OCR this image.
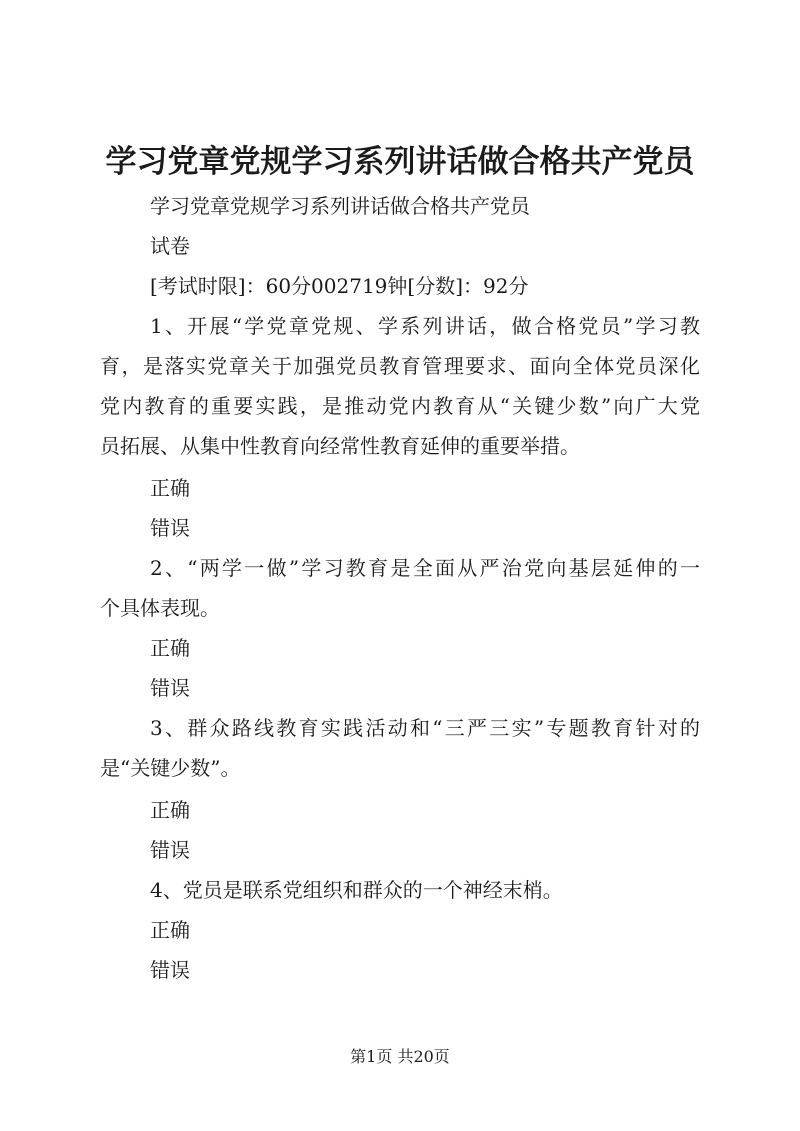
学习党章党规学习系列讲话做合格共产党员
学习党章党规学习系列讲话做合格共产党员
试卷
[考试时限]：60分002719钟[分数]：92分
1、开展“学党章党规、学系列讲话，做合格党员”学习教
育，是落实党章关于加强党员教育管理要求、面向全体党员深化
党内教育的重要实践，是推动党内教育从“关键少数”向广大党
员拓展、从集中性教育向经常性教育延伸的重要举措。
正确
错误
2、“两学一做”学习教育是全面从严治党向基层延伸的一
个具体表现。
正确
错误
3、群众路线教育实践活动和“三严三实”专题教育针对的
是“关键少数”。
正确
错误
4、党员是联系党组织和群众的一个神经末梢。
正确
错误
第1页 共20页
